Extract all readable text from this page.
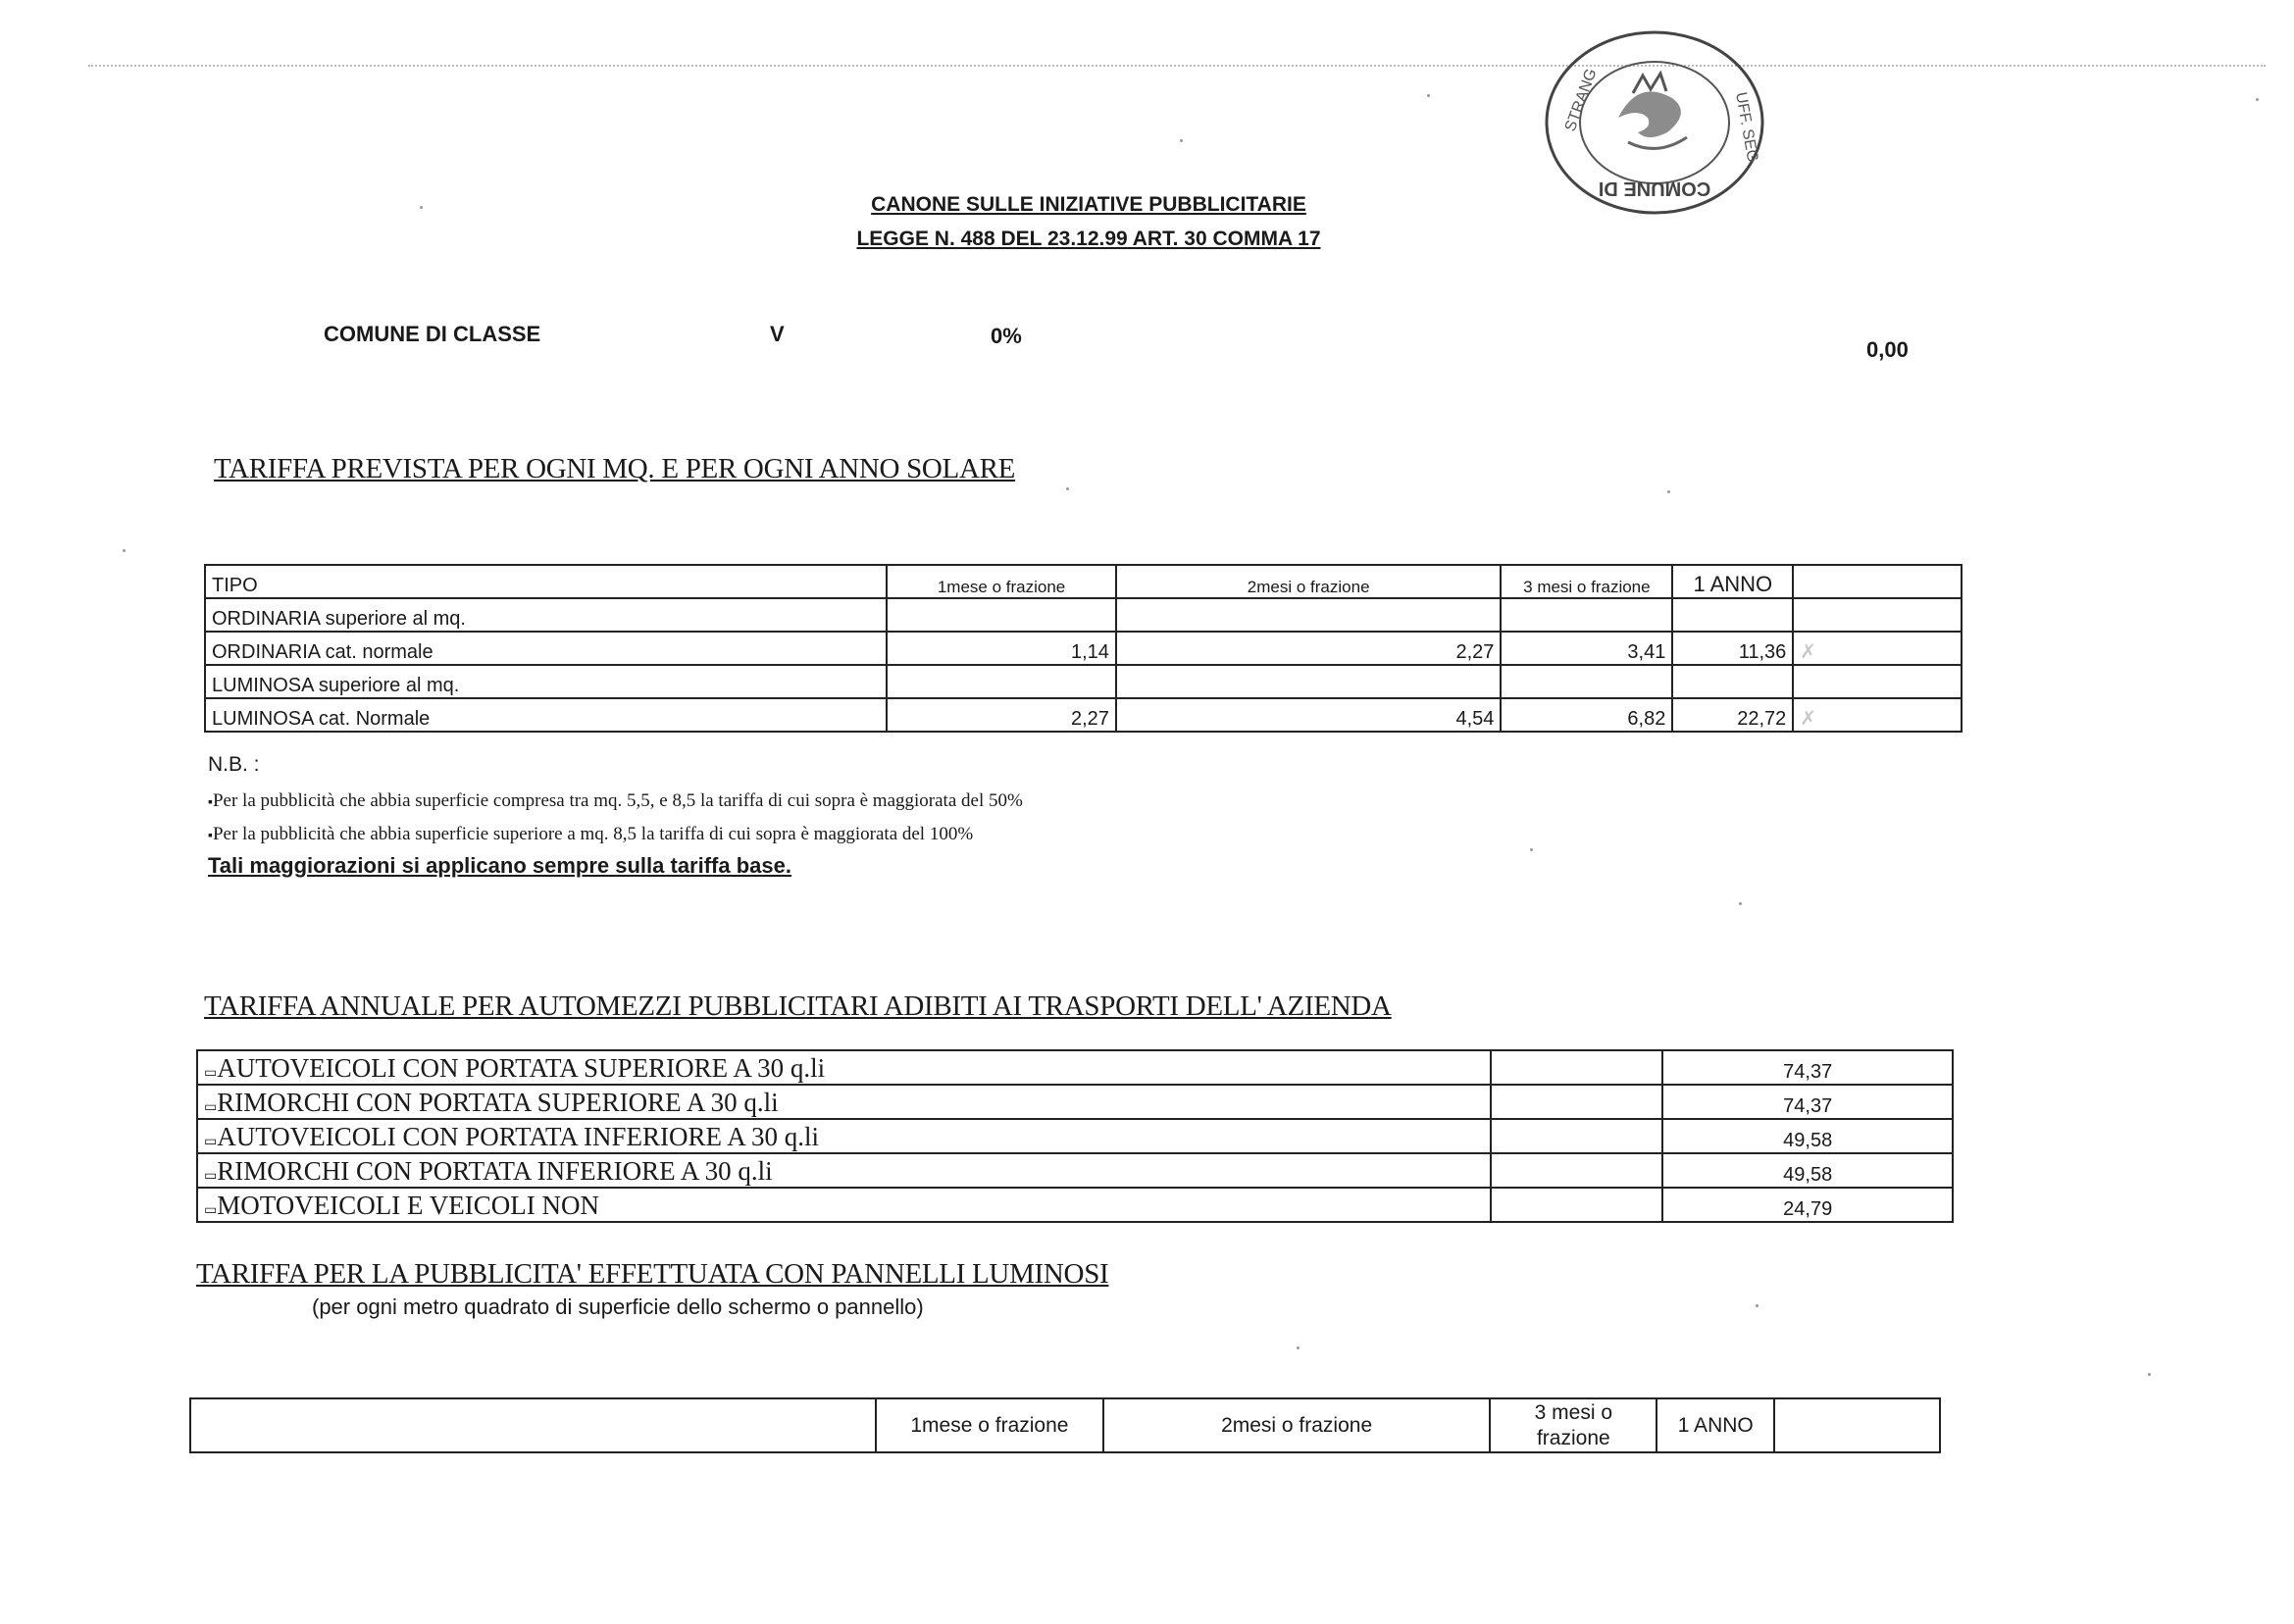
COMUNE DI
STRANG	UFF. SEG
CANONE SULLE INIZIATIVE PUBBLICITARIE
LEGGE N. 488 DEL 23.12.99 ART. 30 COMMA 17
COMUNE DI CLASSE	V	0%
0,00
TARIFFA PREVISTA PER OGNI MQ. E PER OGNI ANNO SOLARE
TIPO	1mese o frazione	2mesi o frazione	3 mesi o frazione	1 ANNO	
ORDINARIA superiore al mq.					
ORDINARIA cat. normale	1,14	2,27	3,41	11,36	✗
LUMINOSA superiore al mq.					
LUMINOSA cat. Normale	2,27	4,54	6,82	22,72	✗
N.B. :
▪Per la pubblicità che abbia superficie compresa tra mq. 5,5, e 8,5 la tariffa di cui sopra è maggiorata del 50%
▪Per la pubblicità che abbia superficie superiore a mq. 8,5 la tariffa di cui sopra è maggiorata del 100%
Tali maggiorazioni si applicano sempre sulla tariffa base.
TARIFFA ANNUALE PER AUTOMEZZI PUBBLICITARI ADIBITI AI TRASPORTI DELL' AZIENDA
▭AUTOVEICOLI CON PORTATA SUPERIORE A 30 q.li		74,37
▭RIMORCHI CON PORTATA SUPERIORE A 30 q.li		74,37
▭AUTOVEICOLI CON PORTATA INFERIORE A 30 q.li		49,58
▭RIMORCHI CON PORTATA INFERIORE A 30 q.li		49,58
▭MOTOVEICOLI E VEICOLI NON		24,79
TARIFFA PER LA PUBBLICITA' EFFETTUATA CON PANNELLI LUMINOSI
(per ogni metro quadrato di superficie dello schermo o pannello)
	1mese o frazione	2mesi o frazione	3 mesi o frazione	1 ANNO	
